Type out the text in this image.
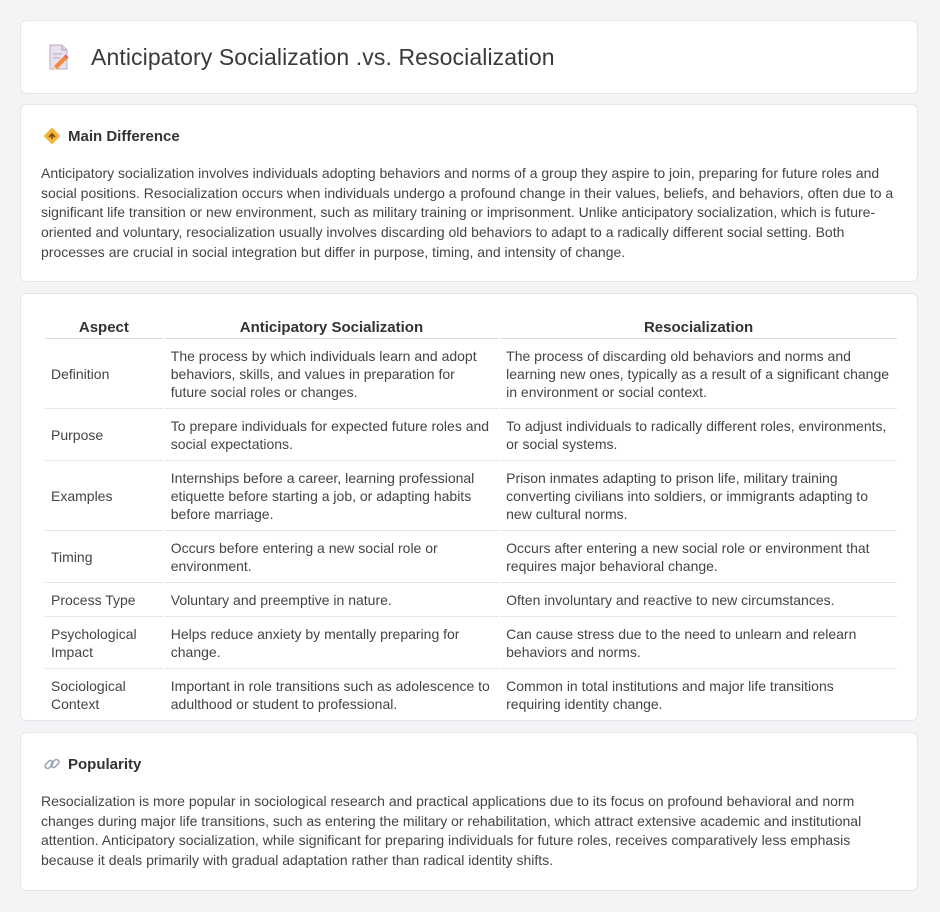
Anticipatory Socialization .vs. Resocialization
Main Difference
Anticipatory socialization involves individuals adopting behaviors and norms of a group they aspire to join, preparing for future roles and social positions. Resocialization occurs when individuals undergo a profound change in their values, beliefs, and behaviors, often due to a significant life transition or new environment, such as military training or imprisonment. Unlike anticipatory socialization, which is future-oriented and voluntary, resocialization usually involves discarding old behaviors to adapt to a radically different social setting. Both processes are crucial in social integration but differ in purpose, timing, and intensity of change.
Aspect	Anticipatory Socialization	Resocialization
Definition	The process by which individuals learn and adopt behaviors, skills, and values in preparation for future social roles or changes.	The process of discarding old behaviors and norms and learning new ones, typically as a result of a significant change in environment or social context.
Purpose	To prepare individuals for expected future roles and social expectations.	To adjust individuals to radically different roles, environments, or social systems.
Examples	Internships before a career, learning professional etiquette before starting a job, or adapting habits before marriage.	Prison inmates adapting to prison life, military training converting civilians into soldiers, or immigrants adapting to new cultural norms.
Timing	Occurs before entering a new social role or environment.	Occurs after entering a new social role or environment that requires major behavioral change.
Process Type	Voluntary and preemptive in nature.	Often involuntary and reactive to new circumstances.
Psychological Impact	Helps reduce anxiety by mentally preparing for change.	Can cause stress due to the need to unlearn and relearn behaviors and norms.
Sociological Context	Important in role transitions such as adolescence to adulthood or student to professional.	Common in total institutions and major life transitions requiring identity change.
Popularity
Resocialization is more popular in sociological research and practical applications due to its focus on profound behavioral and norm changes during major life transitions, such as entering the military or rehabilitation, which attract extensive academic and institutional attention. Anticipatory socialization, while significant for preparing individuals for future roles, receives comparatively less emphasis because it deals primarily with gradual adaptation rather than radical identity shifts.
